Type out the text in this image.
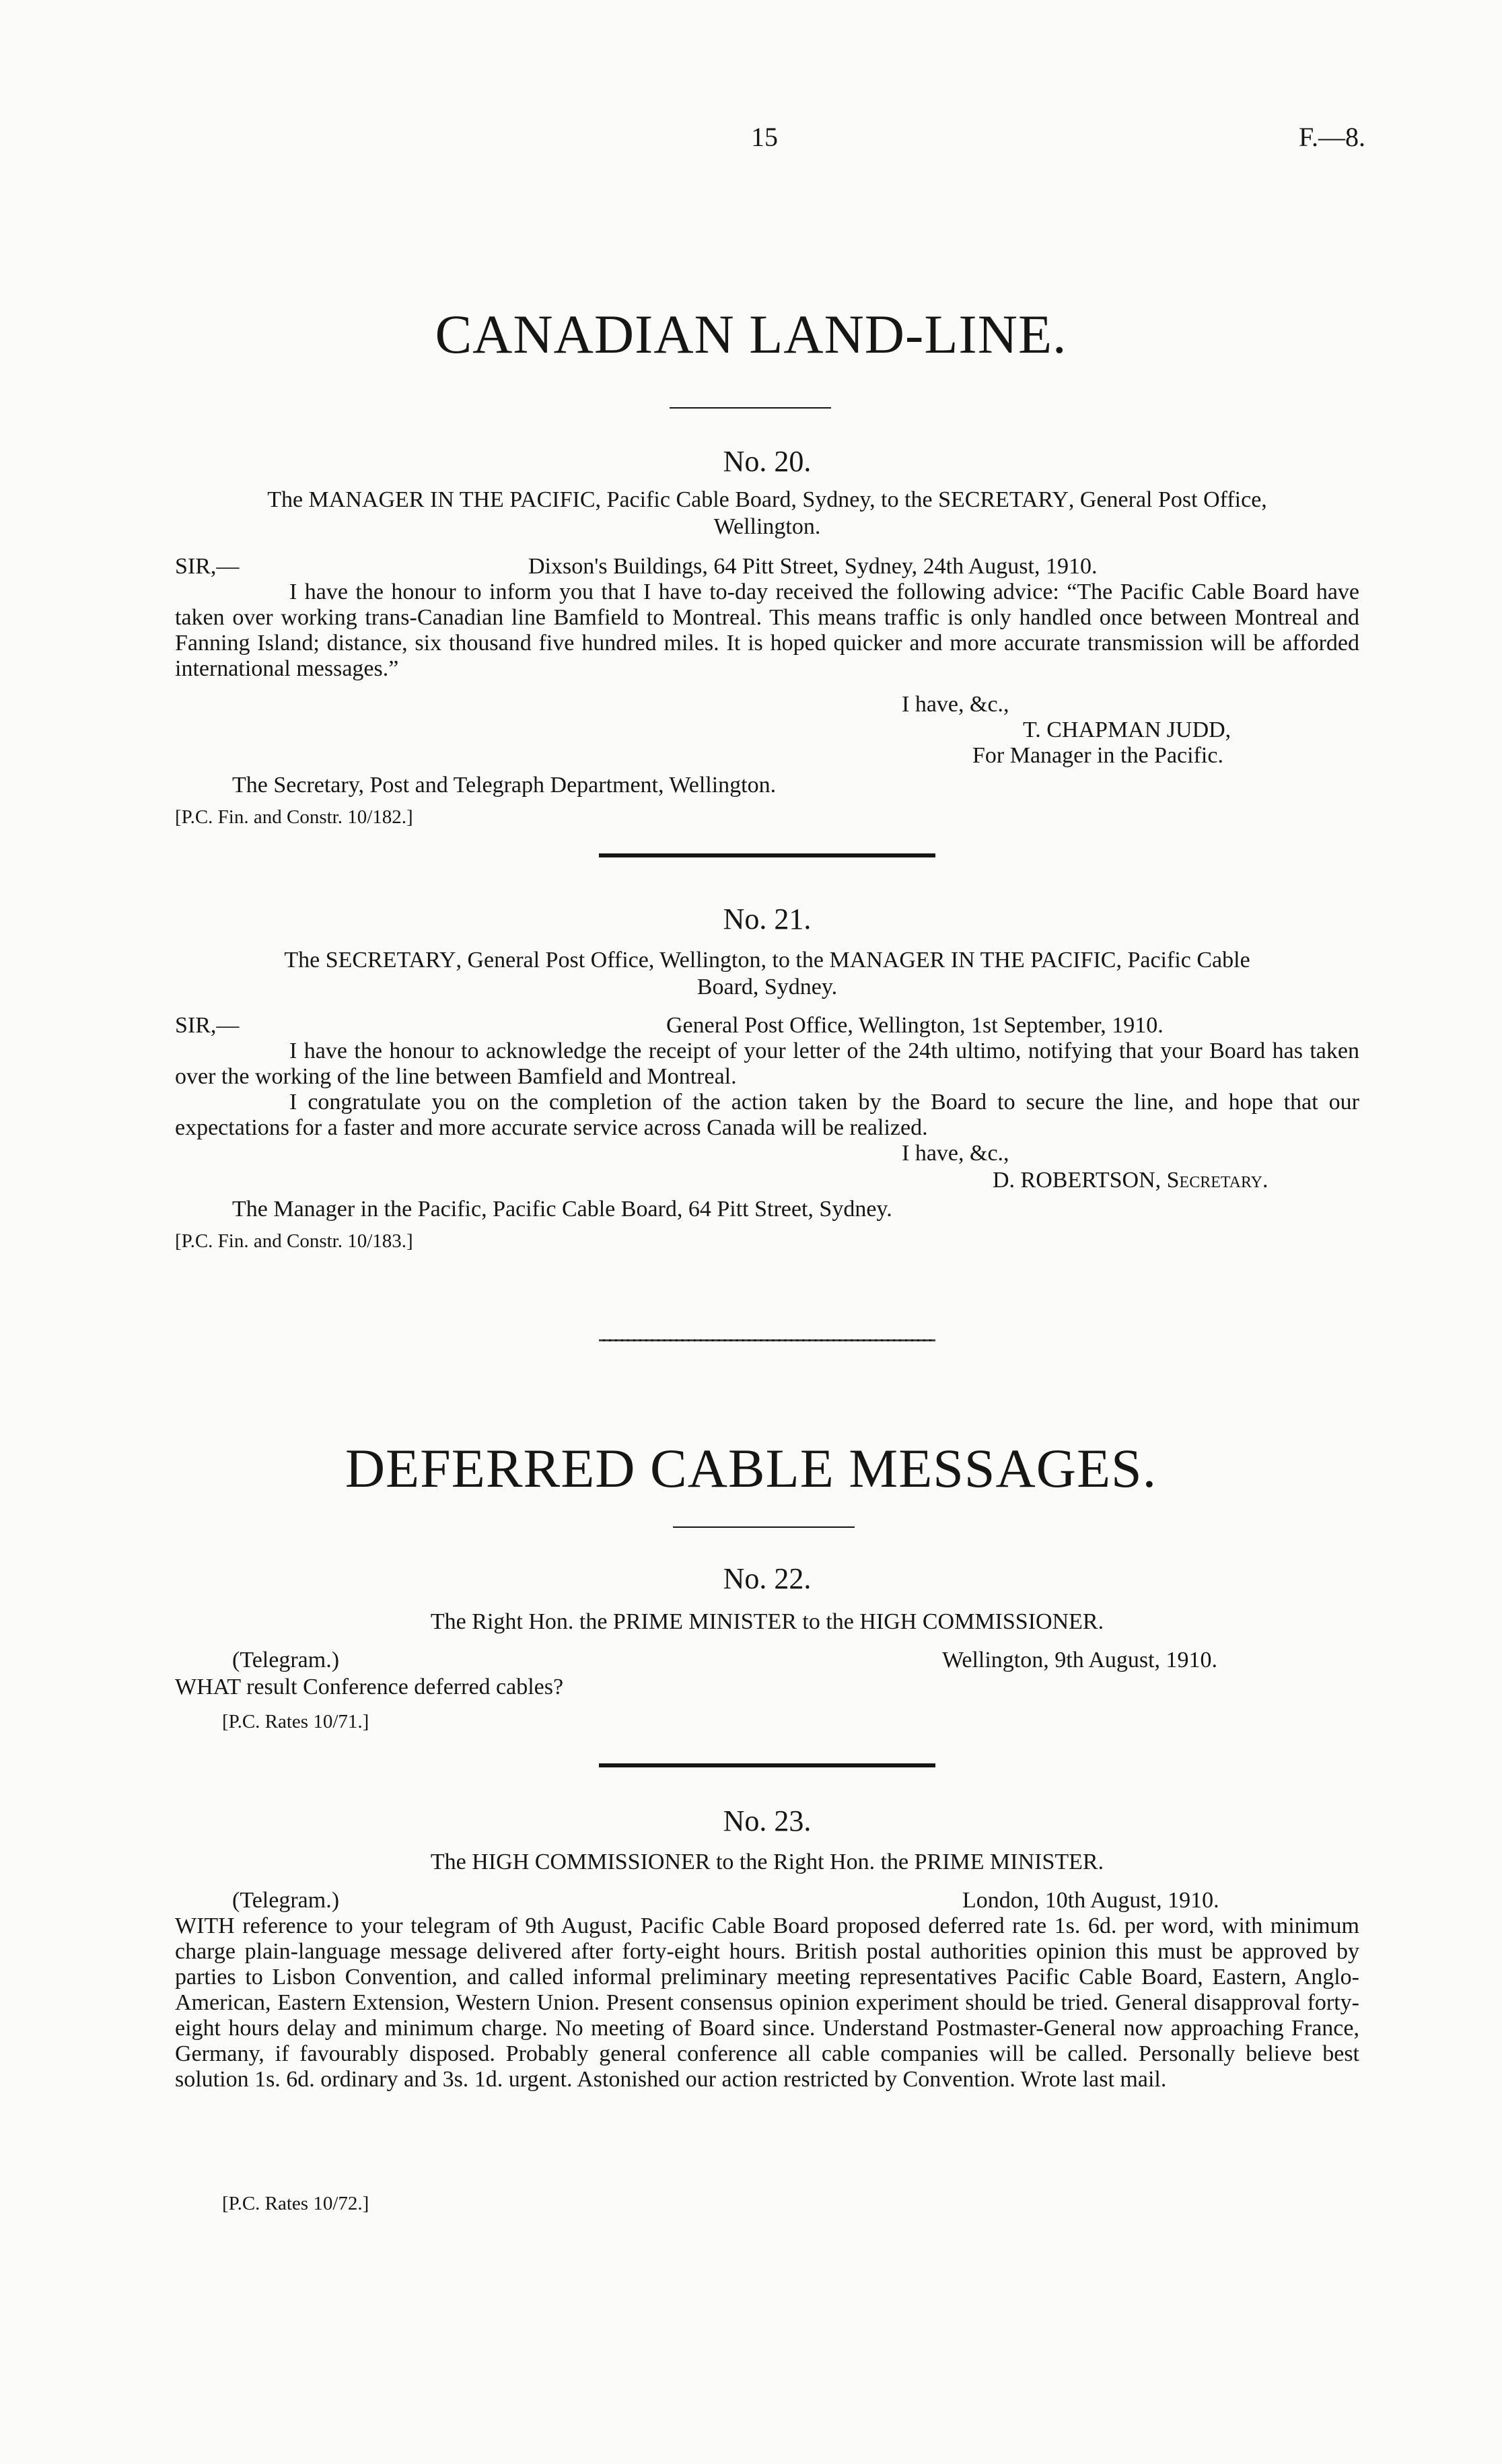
15	F.—8.
CANADIAN LAND-LINE.
No. 20.
The MANAGER IN THE PACIFIC, Pacific Cable Board, Sydney, to the SECRETARY, General Post Office,
Wellington.
SIR,—	Dixson's Buildings, 64 Pitt Street, Sydney, 24th August, 1910.
I have the honour to inform you that I have to-day received the following advice: “The Pacific Cable Board have taken over working trans-Canadian line Bamfield to Montreal. This means traffic is only handled once between Montreal and Fanning Island; distance, six thousand five hundred miles. It is hoped quicker and more accurate transmission will be afforded international messages.”
I have, &c.,
T. CHAPMAN JUDD,
For Manager in the Pacific.
The Secretary, Post and Telegraph Department, Wellington.
[P.C. Fin. and Constr. 10/182.]
No. 21.
The SECRETARY, General Post Office, Wellington, to the MANAGER IN THE PACIFIC, Pacific Cable
Board, Sydney.
SIR,—	General Post Office, Wellington, 1st September, 1910.
I have the honour to acknowledge the receipt of your letter of the 24th ultimo, notifying that your Board has taken over the working of the line between Bamfield and Montreal.
I congratulate you on the completion of the action taken by the Board to secure the line, and hope that our expectations for a faster and more accurate service across Canada will be realized.
I have, &c.,
D. ROBERTSON, Secretary.
The Manager in the Pacific, Pacific Cable Board, 64 Pitt Street, Sydney.
[P.C. Fin. and Constr. 10/183.]
DEFERRED CABLE MESSAGES.
No. 22.
The Right Hon. the PRIME MINISTER to the HIGH COMMISSIONER.
(Telegram.)	Wellington, 9th August, 1910.
WHAT result Conference deferred cables?
[P.C. Rates 10/71.]
No. 23.
The HIGH COMMISSIONER to the Right Hon. the PRIME MINISTER.
(Telegram.)	London, 10th August, 1910.
WITH reference to your telegram of 9th August, Pacific Cable Board proposed deferred rate 1s. 6d. per word, with minimum charge plain-language message delivered after forty-eight hours. British postal authorities opinion this must be approved by parties to Lisbon Convention, and called informal preliminary meeting representatives Pacific Cable Board, Eastern, Anglo-American, Eastern Extension, Western Union. Present consensus opinion experiment should be tried. General disapproval forty-eight hours delay and minimum charge. No meeting of Board since. Understand Postmaster-General now approaching France, Germany, if favourably disposed. Probably general conference all cable companies will be called. Personally believe best solution 1s. 6d. ordinary and 3s. 1d. urgent. Astonished our action restricted by Convention. Wrote last mail.
[P.C. Rates 10/72.]
